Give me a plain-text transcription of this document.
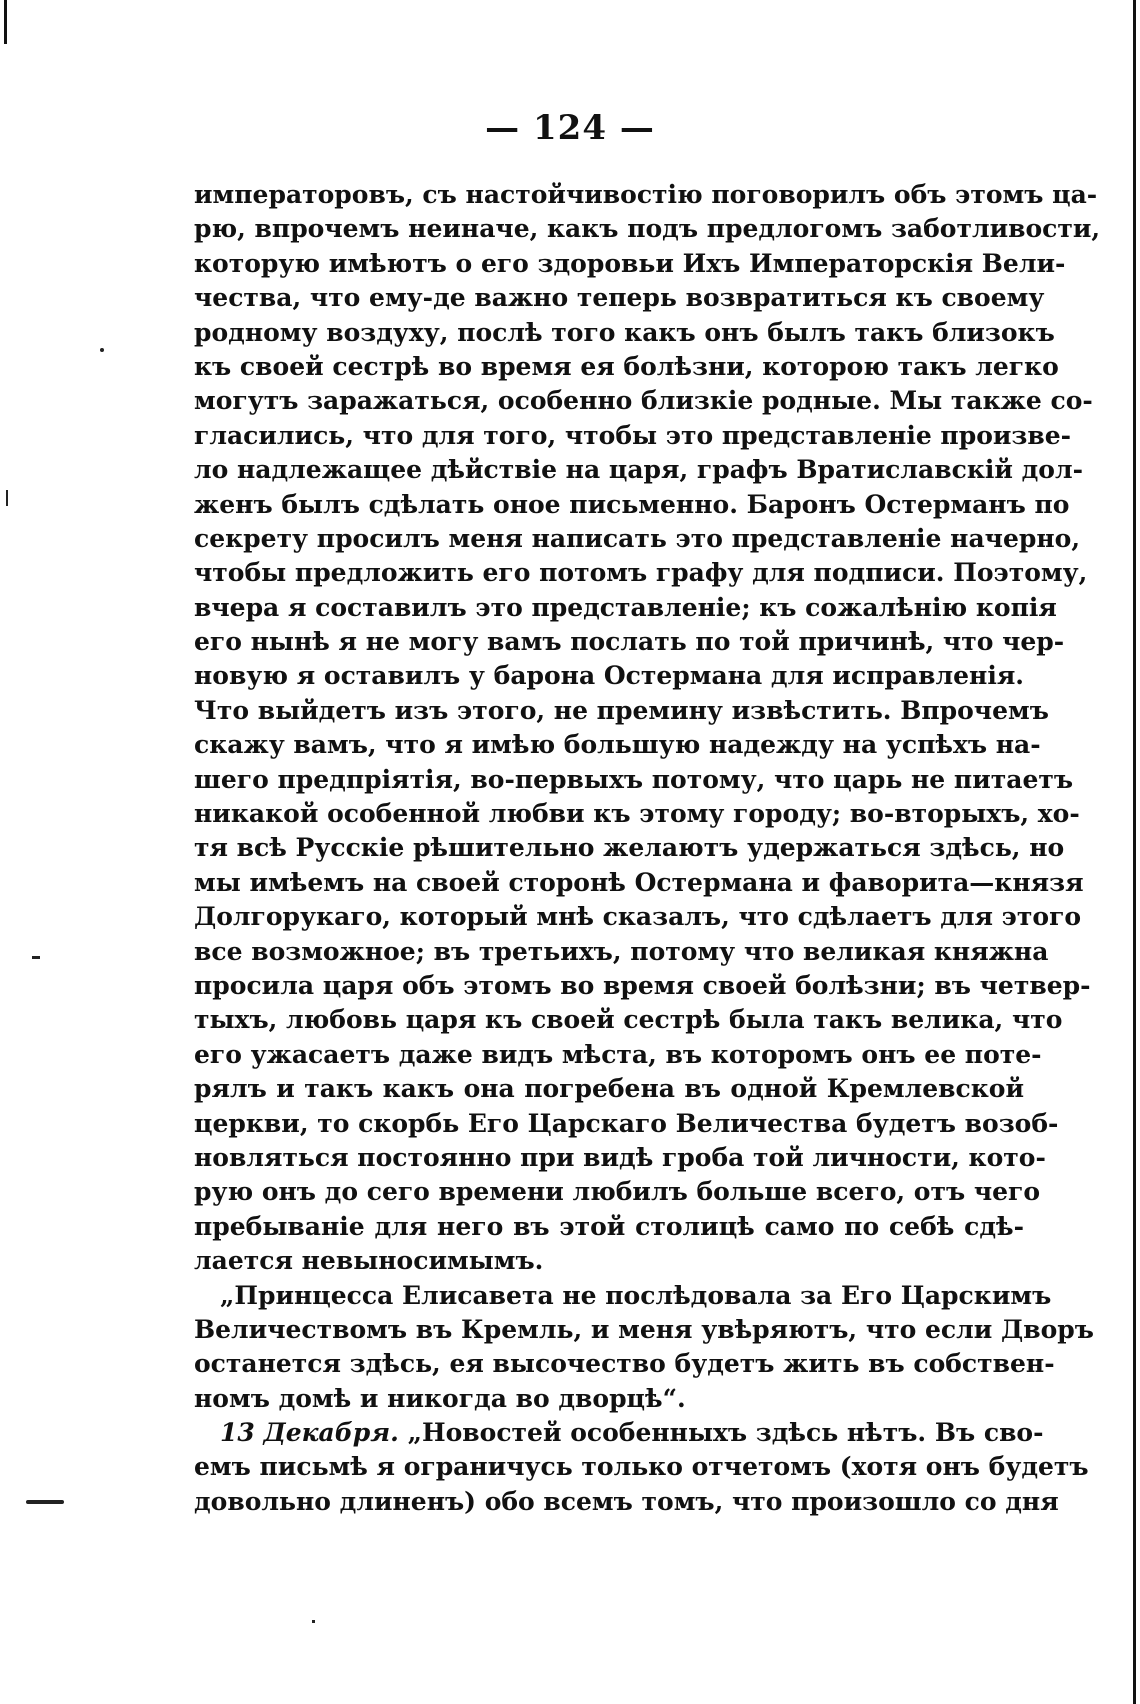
— 124 —
императоровъ, съ настойчивостію поговорилъ объ этомъ ца-
рю, впрочемъ неиначе, какъ подъ предлогомъ заботливости,
которую имѣютъ о его здоровьи Ихъ Императорскія Вели-
чества, что ему-де важно теперь возвратиться къ своему
родному воздуху, послѣ того какъ онъ былъ такъ близокъ
къ своей сестрѣ во время ея болѣзни, которою такъ легко
могутъ заражаться, особенно близкіе родные. Мы также со-
гласились, что для того, чтобы это представленіе произве-
ло надлежащее дѣйствіе на царя, графъ Вратиславскій дол-
женъ былъ сдѣлать оное письменно. Баронъ Остерманъ по
секрету просилъ меня написать это представленіе начерно,
чтобы предложить его потомъ графу для подписи. Поэтому,
вчера я составилъ это представленіе; къ сожалѣнію копія
его нынѣ я не могу вамъ послать по той причинѣ, что чер-
новую я оставилъ у барона Остермана для исправленія.
Что выйдетъ изъ этого, не премину извѣстить. Впрочемъ
скажу вамъ, что я имѣю большую надежду на успѣхъ на-
шего предпріятія, во-первыхъ потому, что царь не питаетъ
никакой особенной любви къ этому городу; во-вторыхъ, хо-
тя всѣ Русскіе рѣшительно желаютъ удержаться здѣсь, но
мы имѣемъ на своей сторонѣ Остермана и фаворита—князя
Долгорукаго, который мнѣ сказалъ, что сдѣлаетъ для этого
все возможное; въ третьихъ, потому что великая княжна
просила царя объ этомъ во время своей болѣзни; въ четвер-
тыхъ, любовь царя къ своей сестрѣ была такъ велика, что
его ужасаетъ даже видъ мѣста, въ которомъ онъ ее поте-
рялъ и такъ какъ она погребена въ одной Кремлевской
церкви, то скорбь Его Царскаго Величества будетъ возоб-
новляться постоянно при видѣ гроба той личности, кото-
рую онъ до сего времени любилъ больше всего, отъ чего
пребываніе для него въ этой столицѣ само по себѣ сдѣ-
лается невыносимымъ.
„Принцесса Елисавета не послѣдовала за Его Царскимъ
Величествомъ въ Кремль, и меня увѣряютъ, что если Дворъ
останется здѣсь, ея высочество будетъ жить въ собствен-
номъ домѣ и никогда во дворцѣ“.
13 Декабря. „Новостей особенныхъ здѣсь нѣтъ. Въ сво-
емъ письмѣ я ограничусь только отчетомъ (хотя онъ будетъ
довольно длиненъ) обо всемъ томъ, что произошло со дня
